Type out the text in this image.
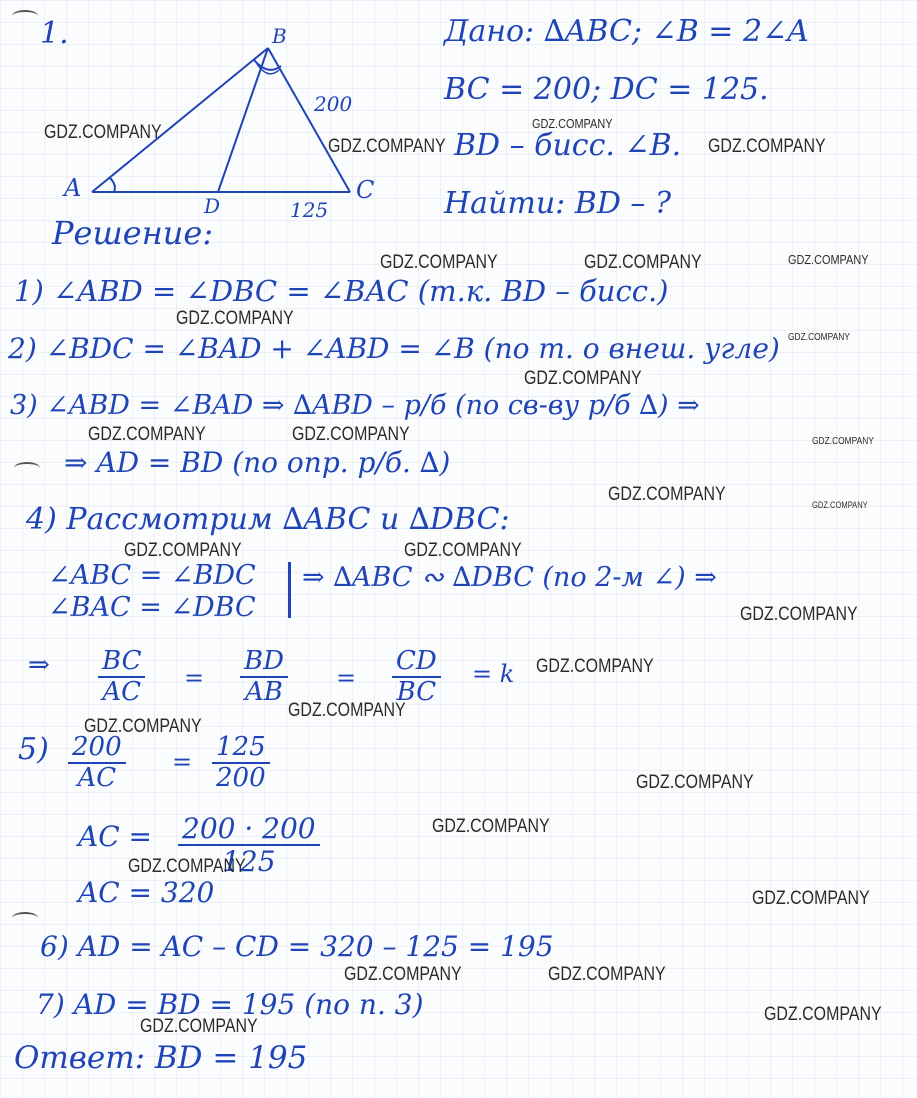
1.	B
A	C
D
200
125
Дано: ∆ABC; ∠B = 2∠A
BC = 200; DC = 125.
BD – бисс. ∠B.
Найти: BD – ?
Решение:
1) ∠ABD = ∠DBC = ∠BAC (т.к. BD – бисс.)
2) ∠BDC = ∠BAD + ∠ABD = ∠B (по т. о внеш. угле)
3) ∠ABD = ∠BAD ⇒ ∆ABD – р/б (по св-ву р/б ∆) ⇒
⇒ AD = BD (по опр. р/б. ∆)
4) Рассмотрим ∆ABC и ∆DBC:
∠ABC = ∠BDC
∠BAC = ∠DBC
⇒ ∆ABC ∾ ∆DBC (по 2-м ∠) ⇒
⇒ $\frac{BC}{AC} = \frac{BD}{AB} = \frac{CD}{BC} = k$
$5) \frac{200}{AC} = \frac{125}{200}$
AC = $\frac{200 \cdot 200}{125}$
AC = 320
6) AD = AC – CD = 320 – 125 = 195
7) AD = BD = 195 (по п. 3)
Ответ: BD = 195
GDZ.COMPANY
GDZ.COMPANY
GDZ.COMPANY
GDZ.COMPANY
GDZ.COMPANY	GDZ.COMPANY	GDZ.COMPANY
GDZ.COMPANY
GDZ.COMPANY
GDZ.COMPANY
GDZ.COMPANY	GDZ.COMPANY	GDZ.COMPANY
GDZ.COMPANY	GDZ.COMPANY
GDZ.COMPANY	GDZ.COMPANY
GDZ.COMPANY
GDZ.COMPANY
GDZ.COMPANY
GDZ.COMPANY
GDZ.COMPANY
GDZ.COMPANY
GDZ.COMPANY
GDZ.COMPANY
GDZ.COMPANY	GDZ.COMPANY
GDZ.COMPANY
GDZ.COMPANY
